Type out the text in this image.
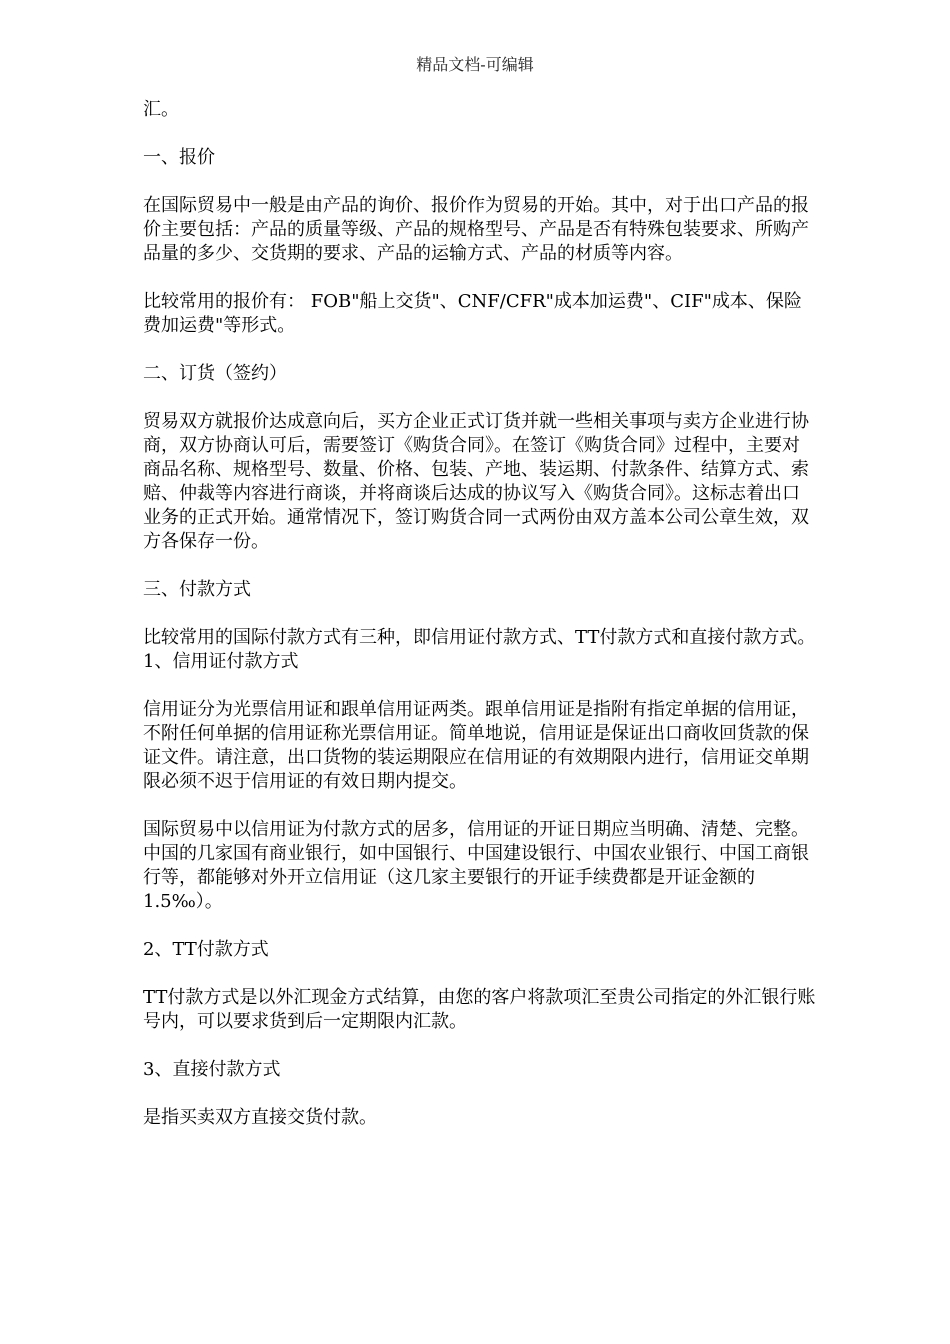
精品文档-可编辑

汇。

一、报价

在国际贸易中一般是由产品的询价、报价作为贸易的开始。其中，对于出口产品的报价主要包括：产品的质量等级、产品的规格型号、产品是否有特殊包装要求、所购产品量的多少、交货期的要求、产品的运输方式、产品的材质等内容。

比较常用的报价有： FOB"船上交货"、CNF/CFR"成本加运费"、CIF"成本、保险费加运费"等形式。

二、订货（签约）

贸易双方就报价达成意向后，买方企业正式订货并就一些相关事项与卖方企业进行协商，双方协商认可后，需要签订《购货合同》。在签订《购货合同》过程中，主要对商品名称、规格型号、数量、价格、包装、产地、装运期、付款条件、结算方式、索赔、仲裁等内容进行商谈，并将商谈后达成的协议写入《购货合同》。这标志着出口业务的正式开始。通常情况下，签订购货合同一式两份由双方盖本公司公章生效，双方各保存一份。

三、付款方式

比较常用的国际付款方式有三种，即信用证付款方式、TT付款方式和直接付款方式。1、信用证付款方式

信用证分为光票信用证和跟单信用证两类。跟单信用证是指附有指定单据的信用证，不附任何单据的信用证称光票信用证。简单地说，信用证是保证出口商收回货款的保证文件。请注意，出口货物的装运期限应在信用证的有效期限内进行，信用证交单期限必须不迟于信用证的有效日期内提交。

国际贸易中以信用证为付款方式的居多，信用证的开证日期应当明确、清楚、完整。中国的几家国有商业银行，如中国银行、中国建设银行、中国农业银行、中国工商银行等，都能够对外开立信用证（这几家主要银行的开证手续费都是开证金额的1.5‰）。

2、TT付款方式

TT付款方式是以外汇现金方式结算，由您的客户将款项汇至贵公司指定的外汇银行账号内，可以要求货到后一定期限内汇款。

3、直接付款方式

是指买卖双方直接交货付款。
